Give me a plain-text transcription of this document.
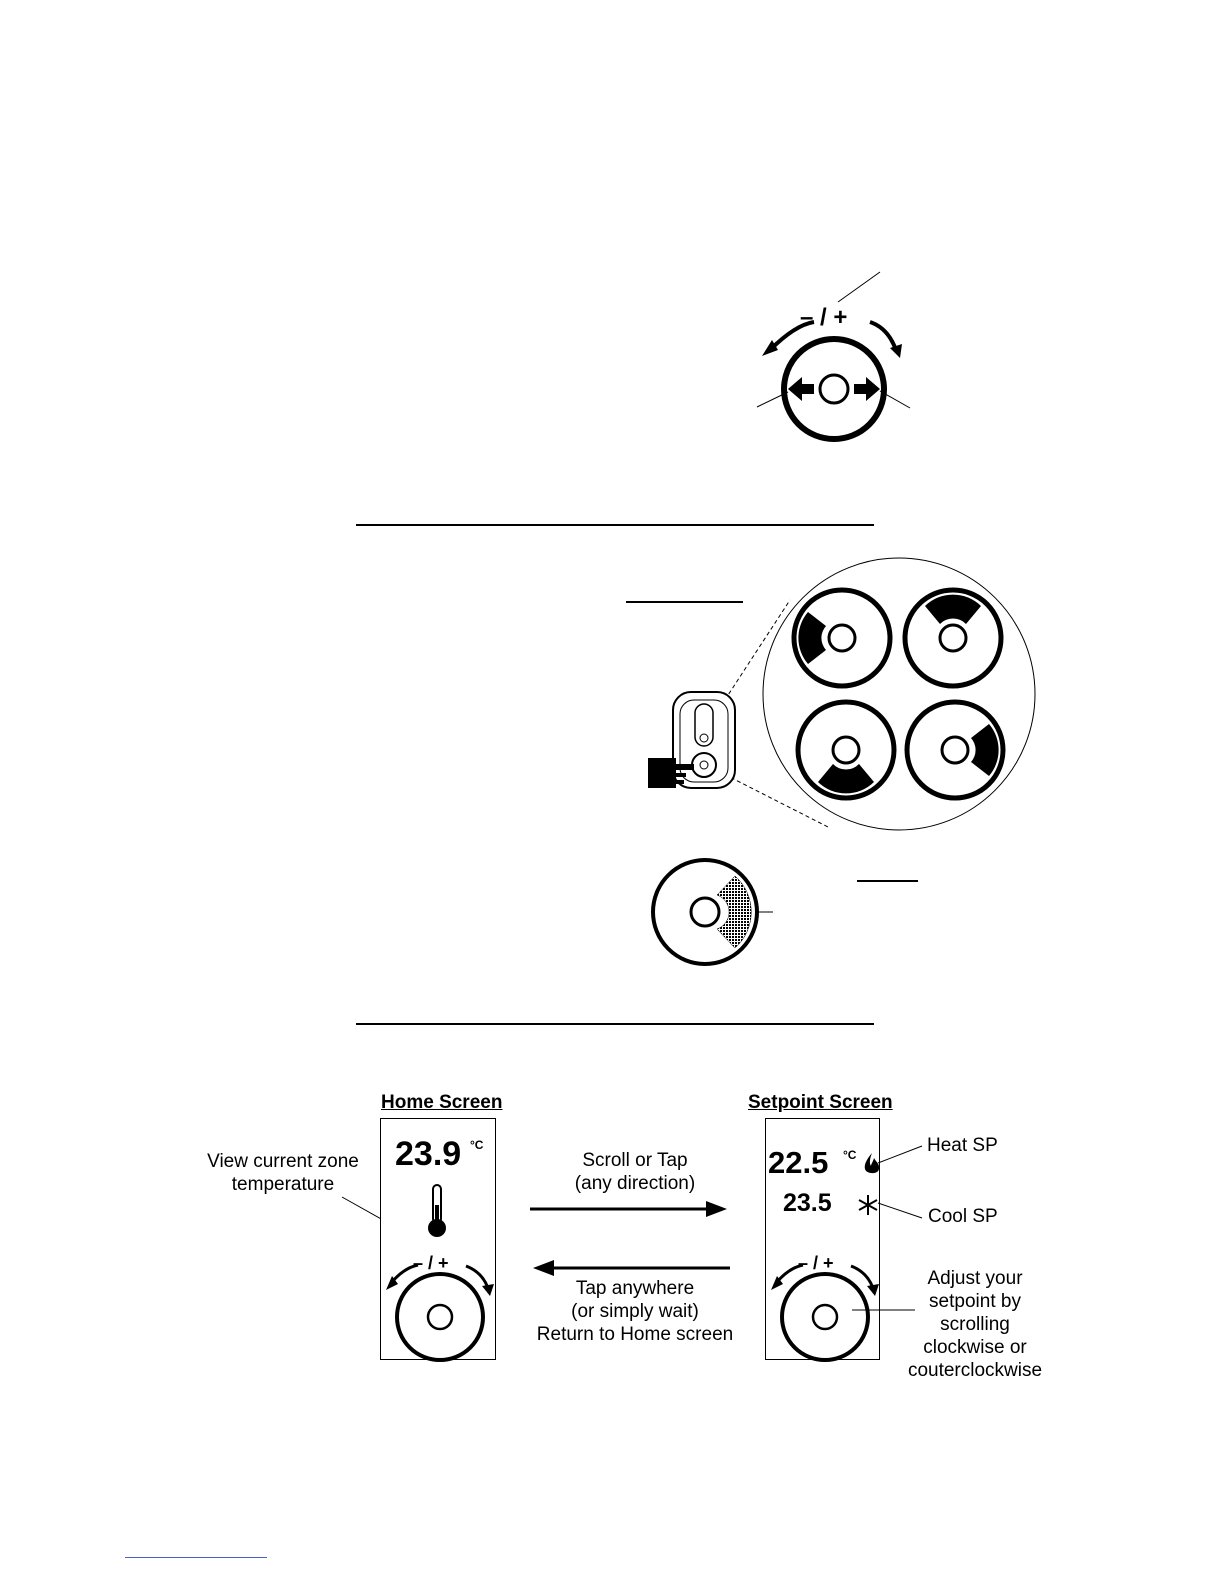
– / +
Home Screen	Setpoint Screen
View current zone
temperature
23.9 °C
– / +
Scroll or Tap
(any direction)
Tap anywhere
(or simply wait)
Return to Home screen
22.5 °C
23.5
– / +
Heat SP
Cool SP
Adjust your
setpoint by
scrolling
clockwise or
couterclockwise
